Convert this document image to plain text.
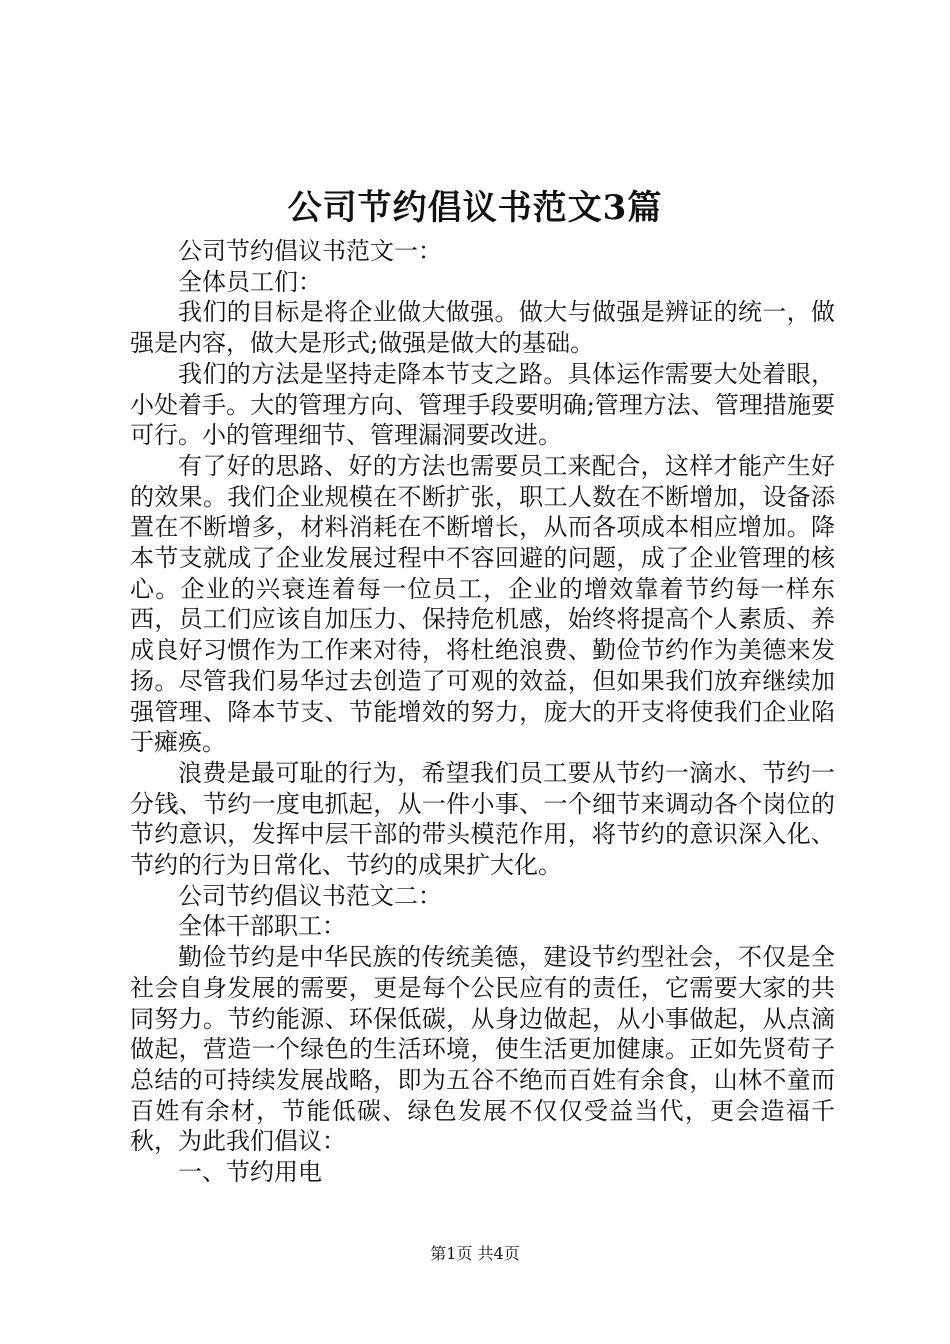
公司节约倡议书范文3篇

公司节约倡议书范文一：

全体员工们：

我们的目标是将企业做大做强。做大与做强是辨证的统一，做强是内容，做大是形式;做强是做大的基础。

我们的方法是坚持走降本节支之路。具体运作需要大处着眼，小处着手。大的管理方向、管理手段要明确;管理方法、管理措施要可行。小的管理细节、管理漏洞要改进。

有了好的思路、好的方法也需要员工来配合，这样才能产生好的效果。我们企业规模在不断扩张，职工人数在不断增加，设备添置在不断增多，材料消耗在不断增长，从而各项成本相应增加。降本节支就成了企业发展过程中不容回避的问题，成了企业管理的核心。企业的兴衰连着每一位员工，企业的增效靠着节约每一样东西，员工们应该自加压力、保持危机感，始终将提高个人素质、养成良好习惯作为工作来对待，将杜绝浪费、勤俭节约作为美德来发扬。尽管我们易华过去创造了可观的效益，但如果我们放弃继续加强管理、降本节支、节能增效的努力，庞大的开支将使我们企业陷于瘫痪。

浪费是最可耻的行为，希望我们员工要从节约一滴水、节约一分钱、节约一度电抓起，从一件小事、一个细节来调动各个岗位的节约意识，发挥中层干部的带头模范作用，将节约的意识深入化、节约的行为日常化、节约的成果扩大化。

公司节约倡议书范文二：

全体干部职工：

勤俭节约是中华民族的传统美德，建设节约型社会，不仅是全社会自身发展的需要，更是每个公民应有的责任，它需要大家的共同努力。节约能源、环保低碳，从身边做起，从小事做起，从点滴做起，营造一个绿色的生活环境，使生活更加健康。正如先贤荀子总结的可持续发展战略，即为五谷不绝而百姓有余食，山林不童而百姓有余材，节能低碳、绿色发展不仅仅受益当代，更会造福千秋，为此我们倡议：

一、节约用电

第1页 共4页
